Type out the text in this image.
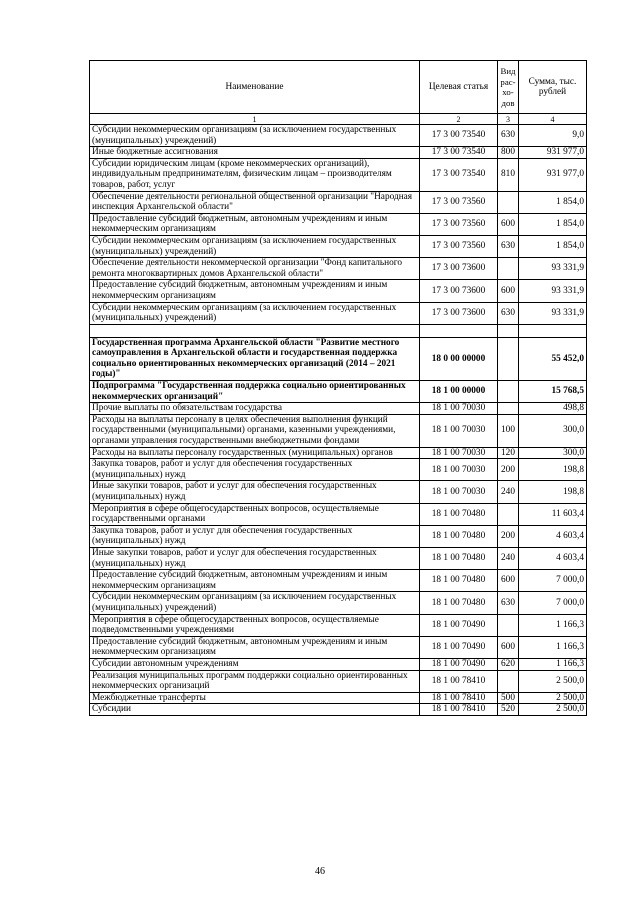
Наименование	Целевая статья	Вид рас-хо-дов	Сумма, тыс. рублей
1	2	3	4
Субсидии некоммерческим организациям (за исключением государственных (муниципальных) учреждений)	17 3 00 73540	630	9,0
Иные бюджетные ассигнования	17 3 00 73540	800	931 977,0
Субсидии юридическим лицам (кроме некоммерческих организаций), индивидуальным предпринимателям, физическим лицам – производителям товаров, работ, услуг	17 3 00 73540	810	931 977,0
Обеспечение деятельности региональной общественной организации "Народная инспекция Архангельской области"	17 3 00 73560		1 854,0
Предоставление субсидий бюджетным, автономным учреждениям и иным некоммерческим организациям	17 3 00 73560	600	1 854,0
Субсидии некоммерческим организациям (за исключением государственных (муниципальных) учреждений)	17 3 00 73560	630	1 854,0
Обеспечение деятельности некоммерческой организации "Фонд капитального ремонта многоквартирных домов Архангельской области"	17 3 00 73600		93 331,9
Предоставление субсидий бюджетным, автономным учреждениям и иным некоммерческим организациям	17 3 00 73600	600	93 331,9
Субсидии некоммерческим организациям (за исключением государственных (муниципальных) учреждений)	17 3 00 73600	630	93 331,9

Государственная программа Архангельской области "Развитие местного самоуправления в Архангельской области и государственная поддержка социально ориентированных некоммерческих организаций (2014 – 2021 годы)"	18 0 00 00000		55 452,0
Подпрограмма "Государственная поддержка социально ориентированных некоммерческих организаций"	18 1 00 00000		15 768,5
Прочие выплаты по обязательствам государства	18 1 00 70030		498,8
Расходы на выплаты персоналу в целях обеспечения выполнения функций государственными (муниципальными) органами, казенными учреждениями, органами управления государственными внебюджетными фондами	18 1 00 70030	100	300,0
Расходы на выплаты персоналу государственных (муниципальных) органов	18 1 00 70030	120	300,0
Закупка товаров, работ и услуг для обеспечения государственных (муниципальных) нужд	18 1 00 70030	200	198,8
Иные закупки товаров, работ и услуг для обеспечения государственных (муниципальных) нужд	18 1 00 70030	240	198,8
Мероприятия в сфере общегосударственных вопросов, осуществляемые государственными органами	18 1 00 70480		11 603,4
Закупка товаров, работ и услуг для обеспечения государственных (муниципальных) нужд	18 1 00 70480	200	4 603,4
Иные закупки товаров, работ и услуг для обеспечения государственных (муниципальных) нужд	18 1 00 70480	240	4 603,4
Предоставление субсидий бюджетным, автономным учреждениям и иным некоммерческим организациям	18 1 00 70480	600	7 000,0
Субсидии некоммерческим организациям (за исключением государственных (муниципальных) учреждений)	18 1 00 70480	630	7 000,0
Мероприятия в сфере общегосударственных вопросов, осуществляемые подведомственными учреждениями	18 1 00 70490		1 166,3
Предоставление субсидий бюджетным, автономным учреждениям и иным некоммерческим организациям	18 1 00 70490	600	1 166,3
Субсидии автономным учреждениям	18 1 00 70490	620	1 166,3
Реализация муниципальных программ поддержки социально ориентированных некоммерческих организаций	18 1 00 78410		2 500,0
Межбюджетные трансферты	18 1 00 78410	500	2 500,0
Субсидии	18 1 00 78410	520	2 500,0
46
